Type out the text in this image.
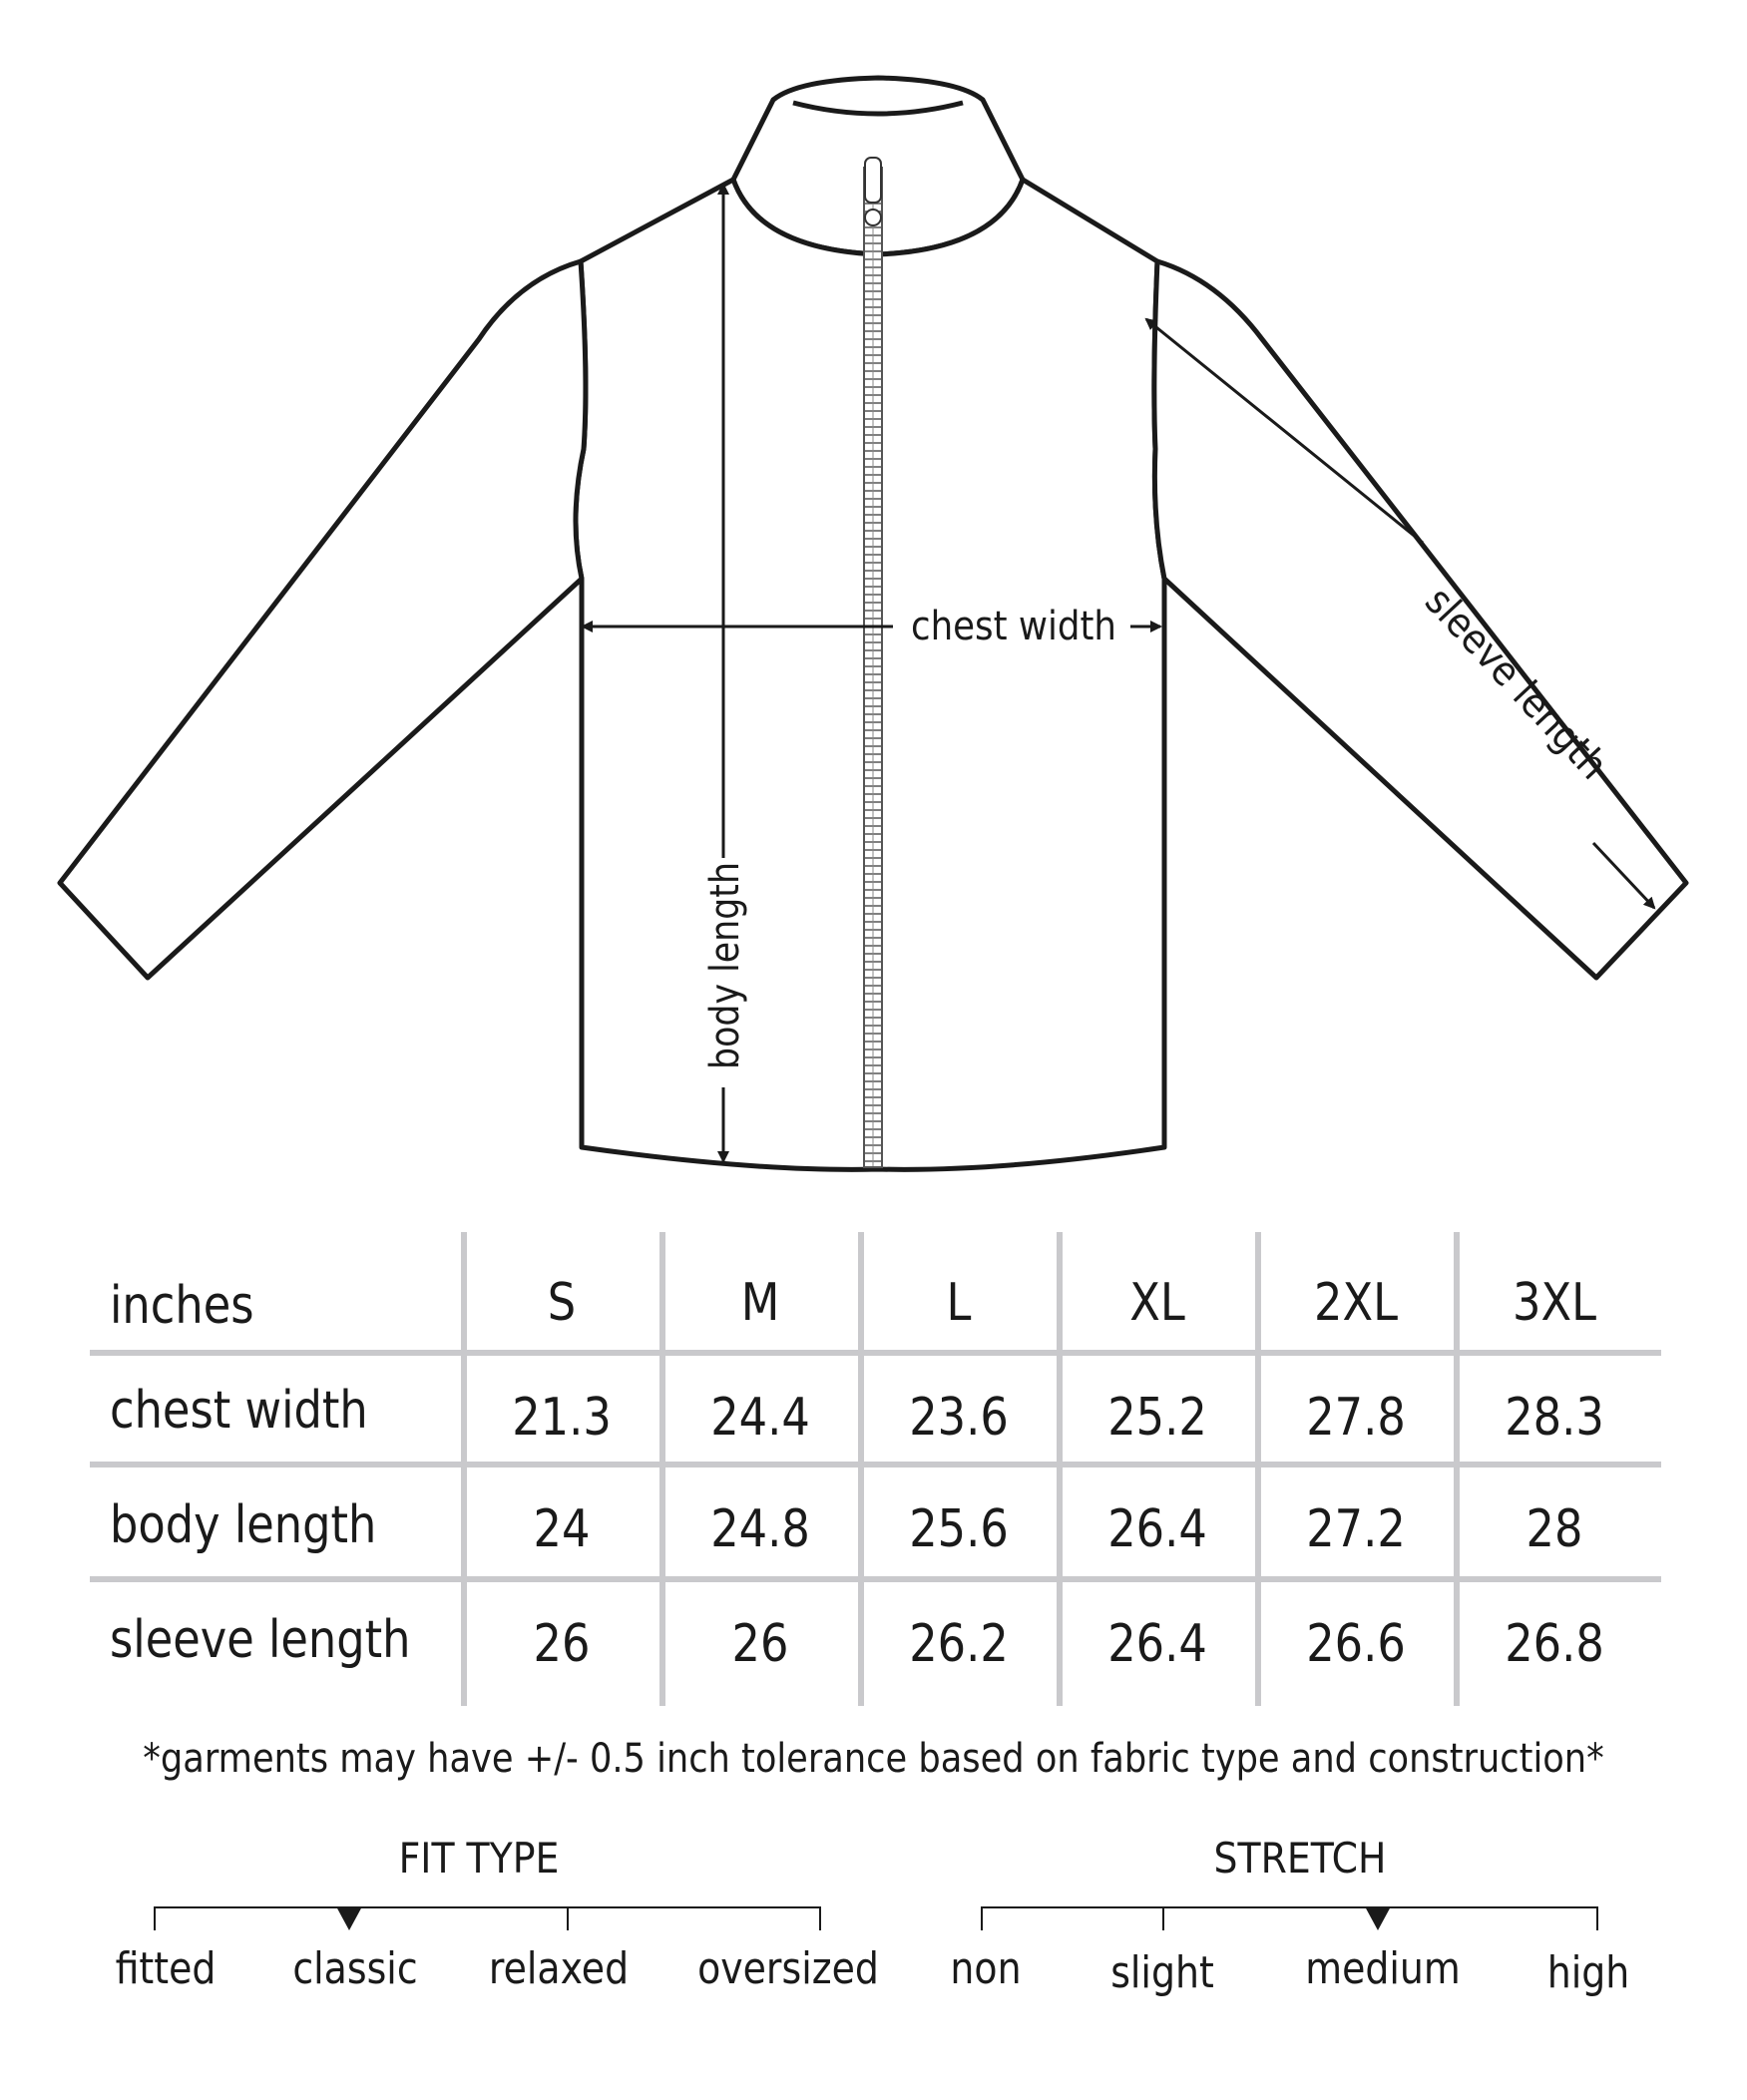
chest width
body length
sleeve length
inches	S	M	L	XL	2XL	3XL
chest width	21.3	24.4	23.6	25.2	27.8	28.3
body length	24	24.8	25.6	26.4	27.2	28
sleeve length	26	26	26.2	26.4	26.6	26.8
*garments may have +/- 0.5 inch tolerance based on fabric type and construction*
FIT TYPE
fitted	classic	relaxed	oversized
STRETCH
non	slight	medium	high
